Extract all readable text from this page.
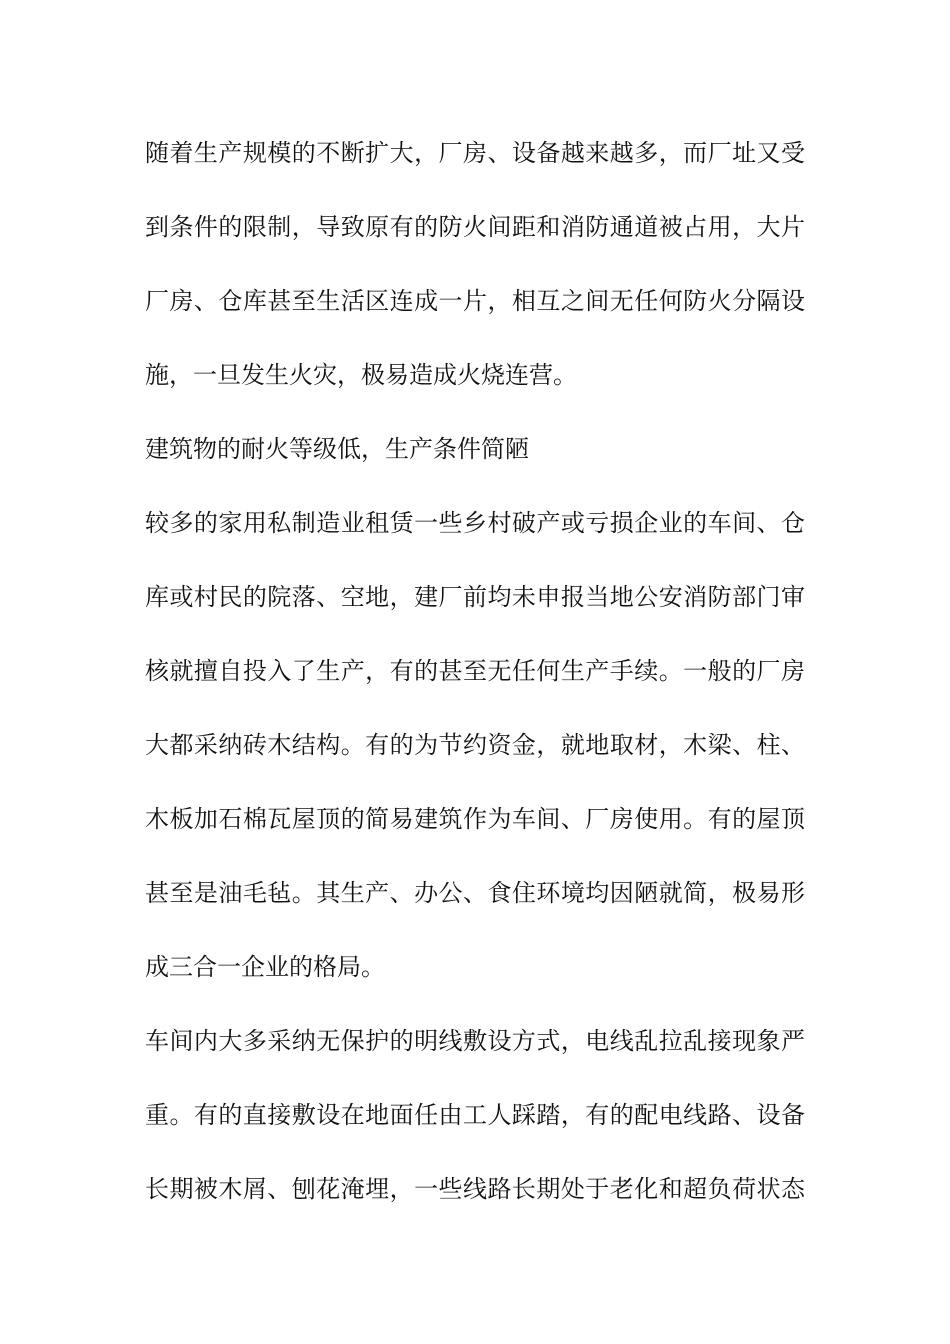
随着生产规模的不断扩大，厂房、设备越来越多，而厂址又受
到条件的限制，导致原有的防火间距和消防通道被占用，大片
厂房、仓库甚至生活区连成一片，相互之间无任何防火分隔设
施，一旦发生火灾，极易造成火烧连营。
建筑物的耐火等级低，生产条件简陋
较多的家用私制造业租赁一些乡村破产或亏损企业的车间、仓
库或村民的院落、空地，建厂前均未申报当地公安消防部门审
核就擅自投入了生产，有的甚至无任何生产手续。一般的厂房
大都采纳砖木结构。有的为节约资金，就地取材，木梁、柱、
木板加石棉瓦屋顶的简易建筑作为车间、厂房使用。有的屋顶
甚至是油毛毡。其生产、办公、食住环境均因陋就简，极易形
成三合一企业的格局。
车间内大多采纳无保护的明线敷设方式，电线乱拉乱接现象严
重。有的直接敷设在地面任由工人踩踏，有的配电线路、设备
长期被木屑、刨花淹埋，一些线路长期处于老化和超负荷状态
